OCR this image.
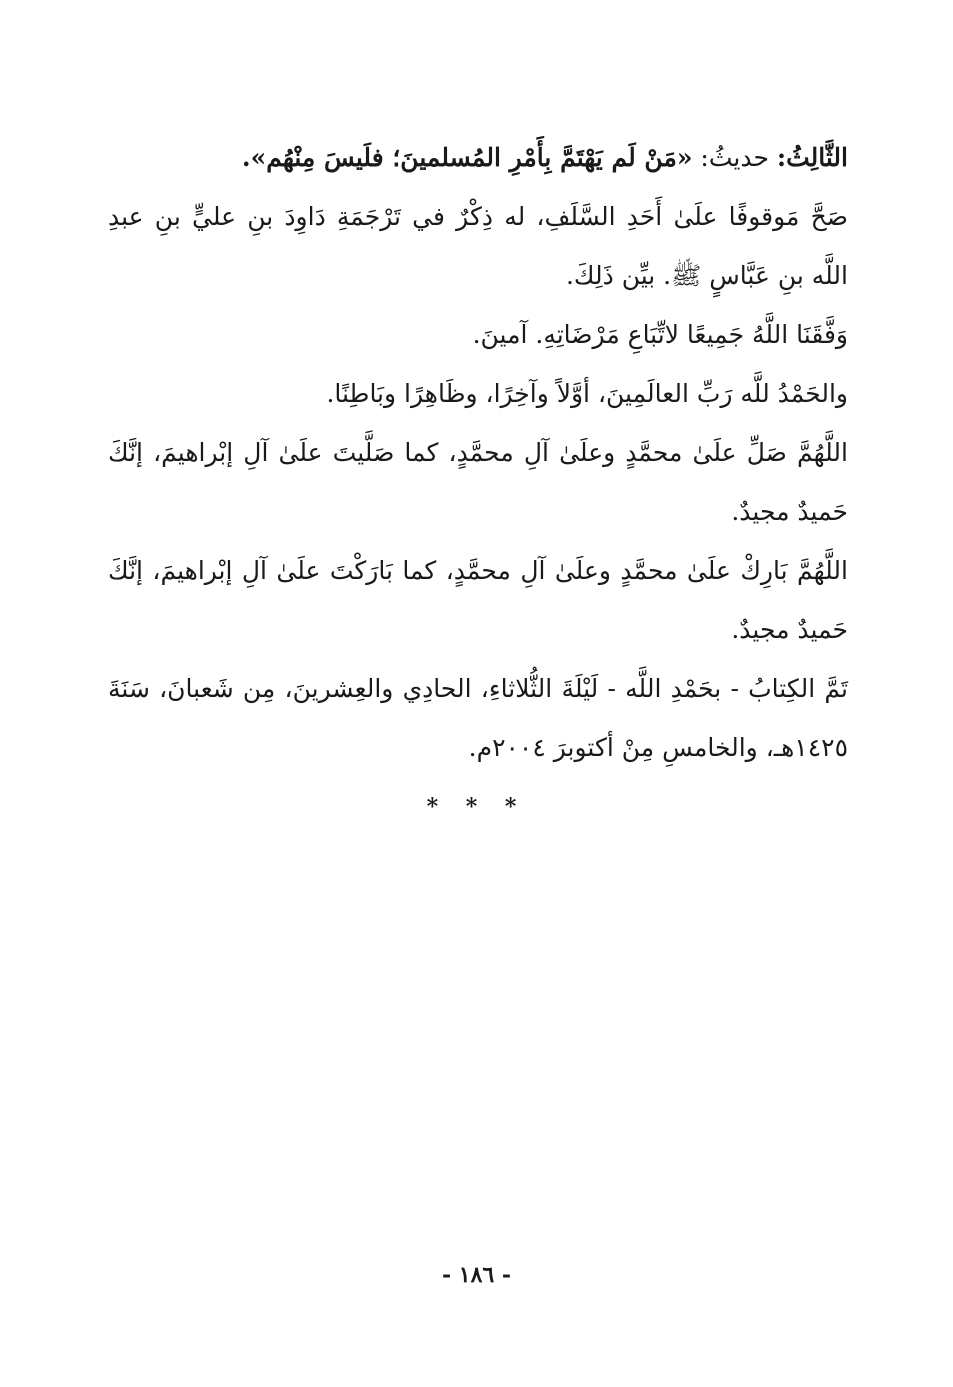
الثَّالِثُ: حديثُ: «مَنْ لَم يَهْتَمَّ بِأَمْرِ المُسلمينَ؛ فلَيسَ مِنْهُم».

صَحَّ مَوقوفًا علَىٰ أَحَدِ السَّلَفِ، له ذِكْرٌ في تَرْجَمَةِ دَاوِدَ بنِ عليٍّ بنِ عبدِ اللَّه بنِ عَبَّاسٍ ﷺ. بيِّن ذَلِكَ.

وَفَّقَنَا اللَّهُ جَمِيعًا لاتِّبَاعِ مَرْضَاتِهِ. آمينَ.

والحَمْدُ للَّه رَبِّ العالَمِينَ، أوَّلاً وآخِرًا، وظَاهِرًا وبَاطِنًا.

اللَّهُمَّ صَلِّ علَىٰ محمَّدٍ وعلَىٰ آلِ محمَّدٍ، كما صَلَّيتَ علَىٰ آلِ إبْراهيمَ، إنَّكَ حَميدٌ مجيدٌ.

اللَّهُمَّ بَارِكْ علَىٰ محمَّدٍ وعلَىٰ آلِ محمَّدٍ، كما بَارَكْتَ علَىٰ آلِ إبْراهيمَ، إنَّكَ حَميدٌ مجيدٌ.

تَمَّ الكِتابُ - بحَمْدِ اللَّه - لَيْلَةَ الثُّلاثاءِ، الحادِي والعِشرينَ، مِن شَعبانَ، سَنَةَ ١٤٢٥هـ، والخامسِ مِنْ أكتوبرَ ٢٠٠٤م.

* * *
- ١٨٦ -
